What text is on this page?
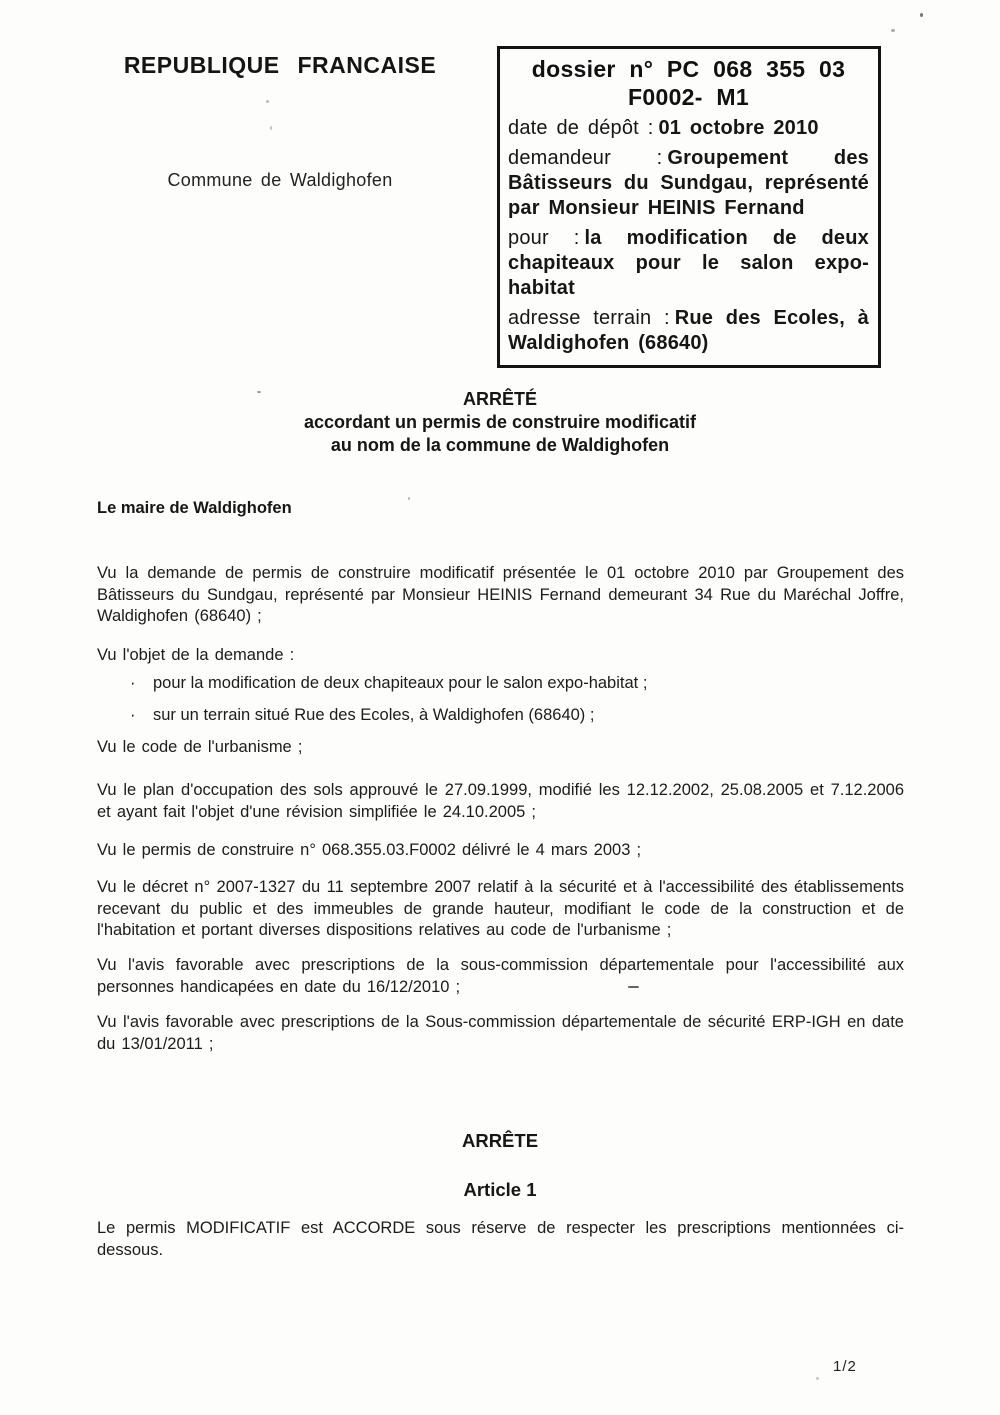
REPUBLIQUE FRANCAISE
Commune de Waldighofen

dossier n° PC 068 355 03
F0002- M1

date de dépôt : 01 octobre 2010

demandeur : Groupement des Bâtisseurs du Sundgau, représenté par Monsieur HEINIS Fernand

pour : la modification de deux chapiteaux pour le salon expo-habitat

adresse terrain : Rue des Ecoles, à Waldighofen (68640)

ARRÊTÉ
accordant un permis de construire modificatif
au nom de la commune de Waldighofen

Le maire de Waldighofen

Vu la demande de permis de construire modificatif présentée le 01 octobre 2010 par Groupement des Bâtisseurs du Sundgau, représenté par Monsieur HEINIS Fernand demeurant 34 Rue du Maréchal Joffre, Waldighofen (68640) ;

Vu l'objet de la demande :

· pour la modification de deux chapiteaux pour le salon expo-habitat ;

· sur un terrain situé Rue des Ecoles, à Waldighofen (68640) ;

Vu le code de l'urbanisme ;

Vu le plan d'occupation des sols approuvé le 27.09.1999, modifié les 12.12.2002, 25.08.2005 et 7.12.2006 et ayant fait l'objet d'une révision simplifiée le 24.10.2005 ;

Vu le permis de construire n° 068.355.03.F0002 délivré le 4 mars 2003 ;

Vu le décret n° 2007-1327 du 11 septembre 2007 relatif à la sécurité et à l'accessibilité des établissements recevant du public et des immeubles de grande hauteur, modifiant le code de la construction et de l'habitation et portant diverses dispositions relatives au code de l'urbanisme ;

Vu l'avis favorable avec prescriptions de la sous-commission départementale pour l'accessibilité aux personnes handicapées en date du 16/12/2010 ;

Vu l'avis favorable avec prescriptions de la Sous-commission départementale de sécurité ERP-IGH en date du 13/01/2011 ;

ARRÊTE

Article 1

Le permis MODIFICATIF est ACCORDE sous réserve de respecter les prescriptions mentionnées ci-dessous.

1/2
